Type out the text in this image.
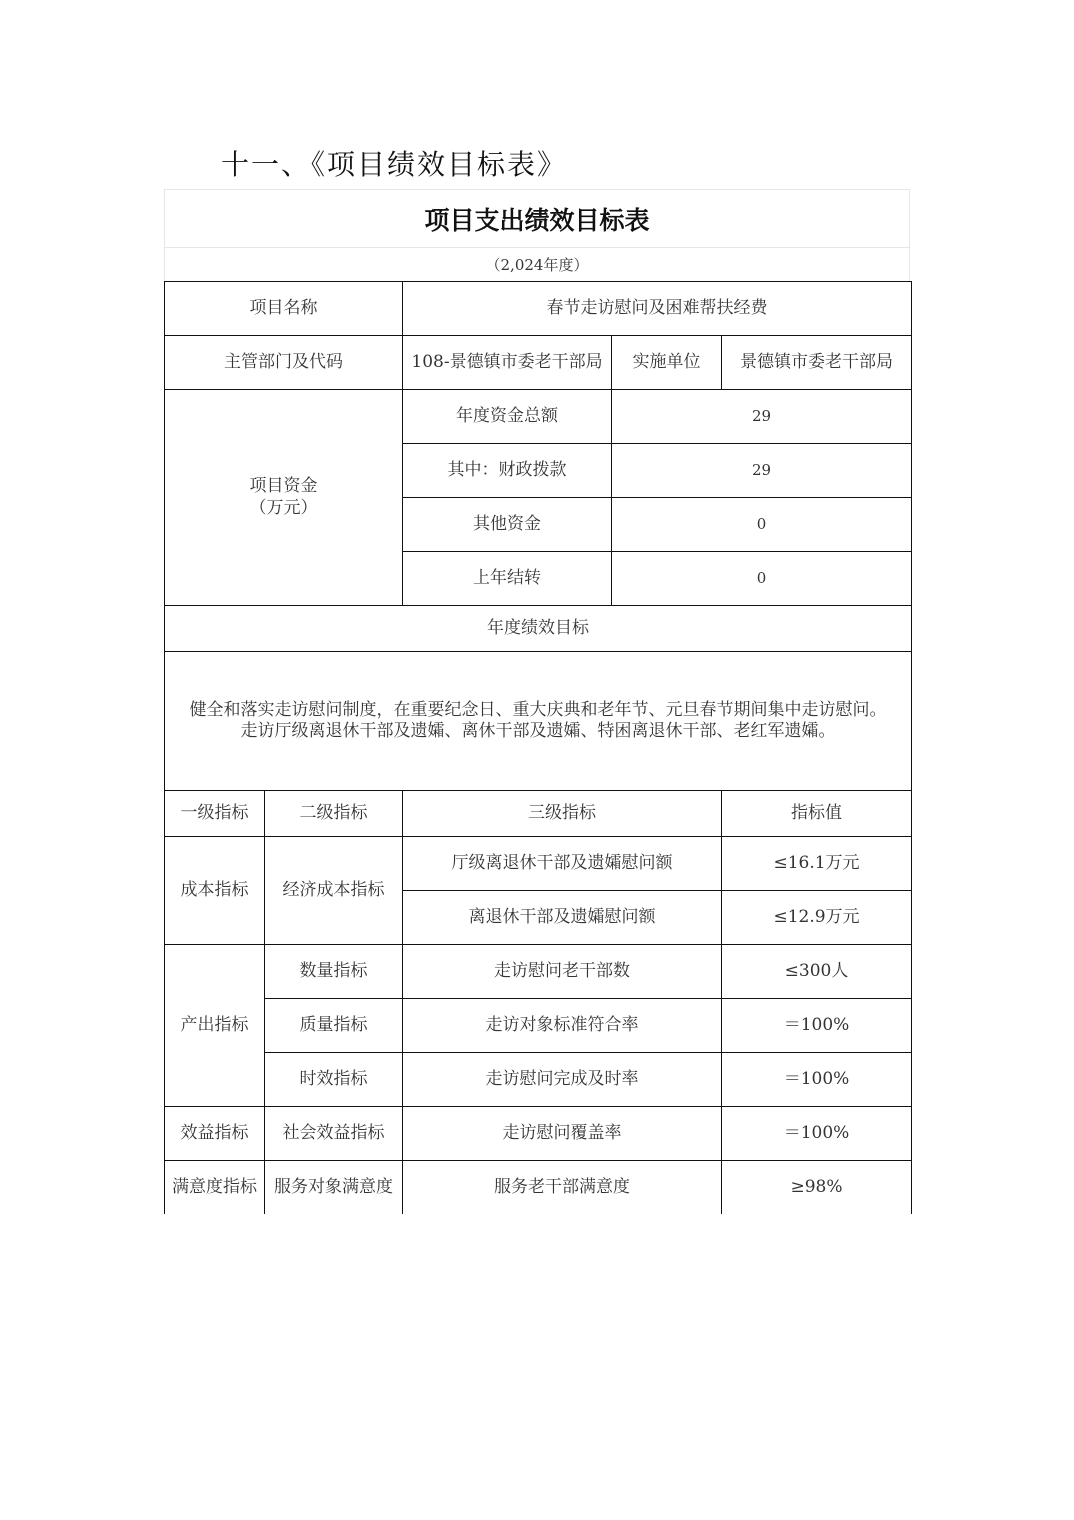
十一、《项目绩效目标表》
项目支出绩效目标表
（2,024年度）
项目名称		春节走访慰问及困难帮扶经费		
主管部门及代码		108-景德镇市委老干部局	实施单位	景德镇市委老干部局

项目资金
（万元）		年度资金总额	29	
		其中：财政拨款	29	
		其他资金	0	
		上年结转	0	
年度绩效目标				

健全和落实走访慰问制度，在重要纪念日、重大庆典和老年节、元旦春节期间集中走访慰问。
走访厅级离退休干部及遗孀、离休干部及遗孀、特困离退休干部、老红军遗孀。				

一级指标	二级指标	三级指标		指标值
成本指标	经济成本指标	厅级离退休干部及遗孀慰问额		≤16.1万元
		离退休干部及遗孀慰问额		≤12.9万元
产出指标	数量指标	走访慰问老干部数		≤300人
	质量指标	走访对象标准符合率		＝100%
	时效指标	走访慰问完成及时率		＝100%
效益指标	社会效益指标	走访慰问覆盖率		＝100%
满意度指标	服务对象满意度	服务老干部满意度		≥98%
